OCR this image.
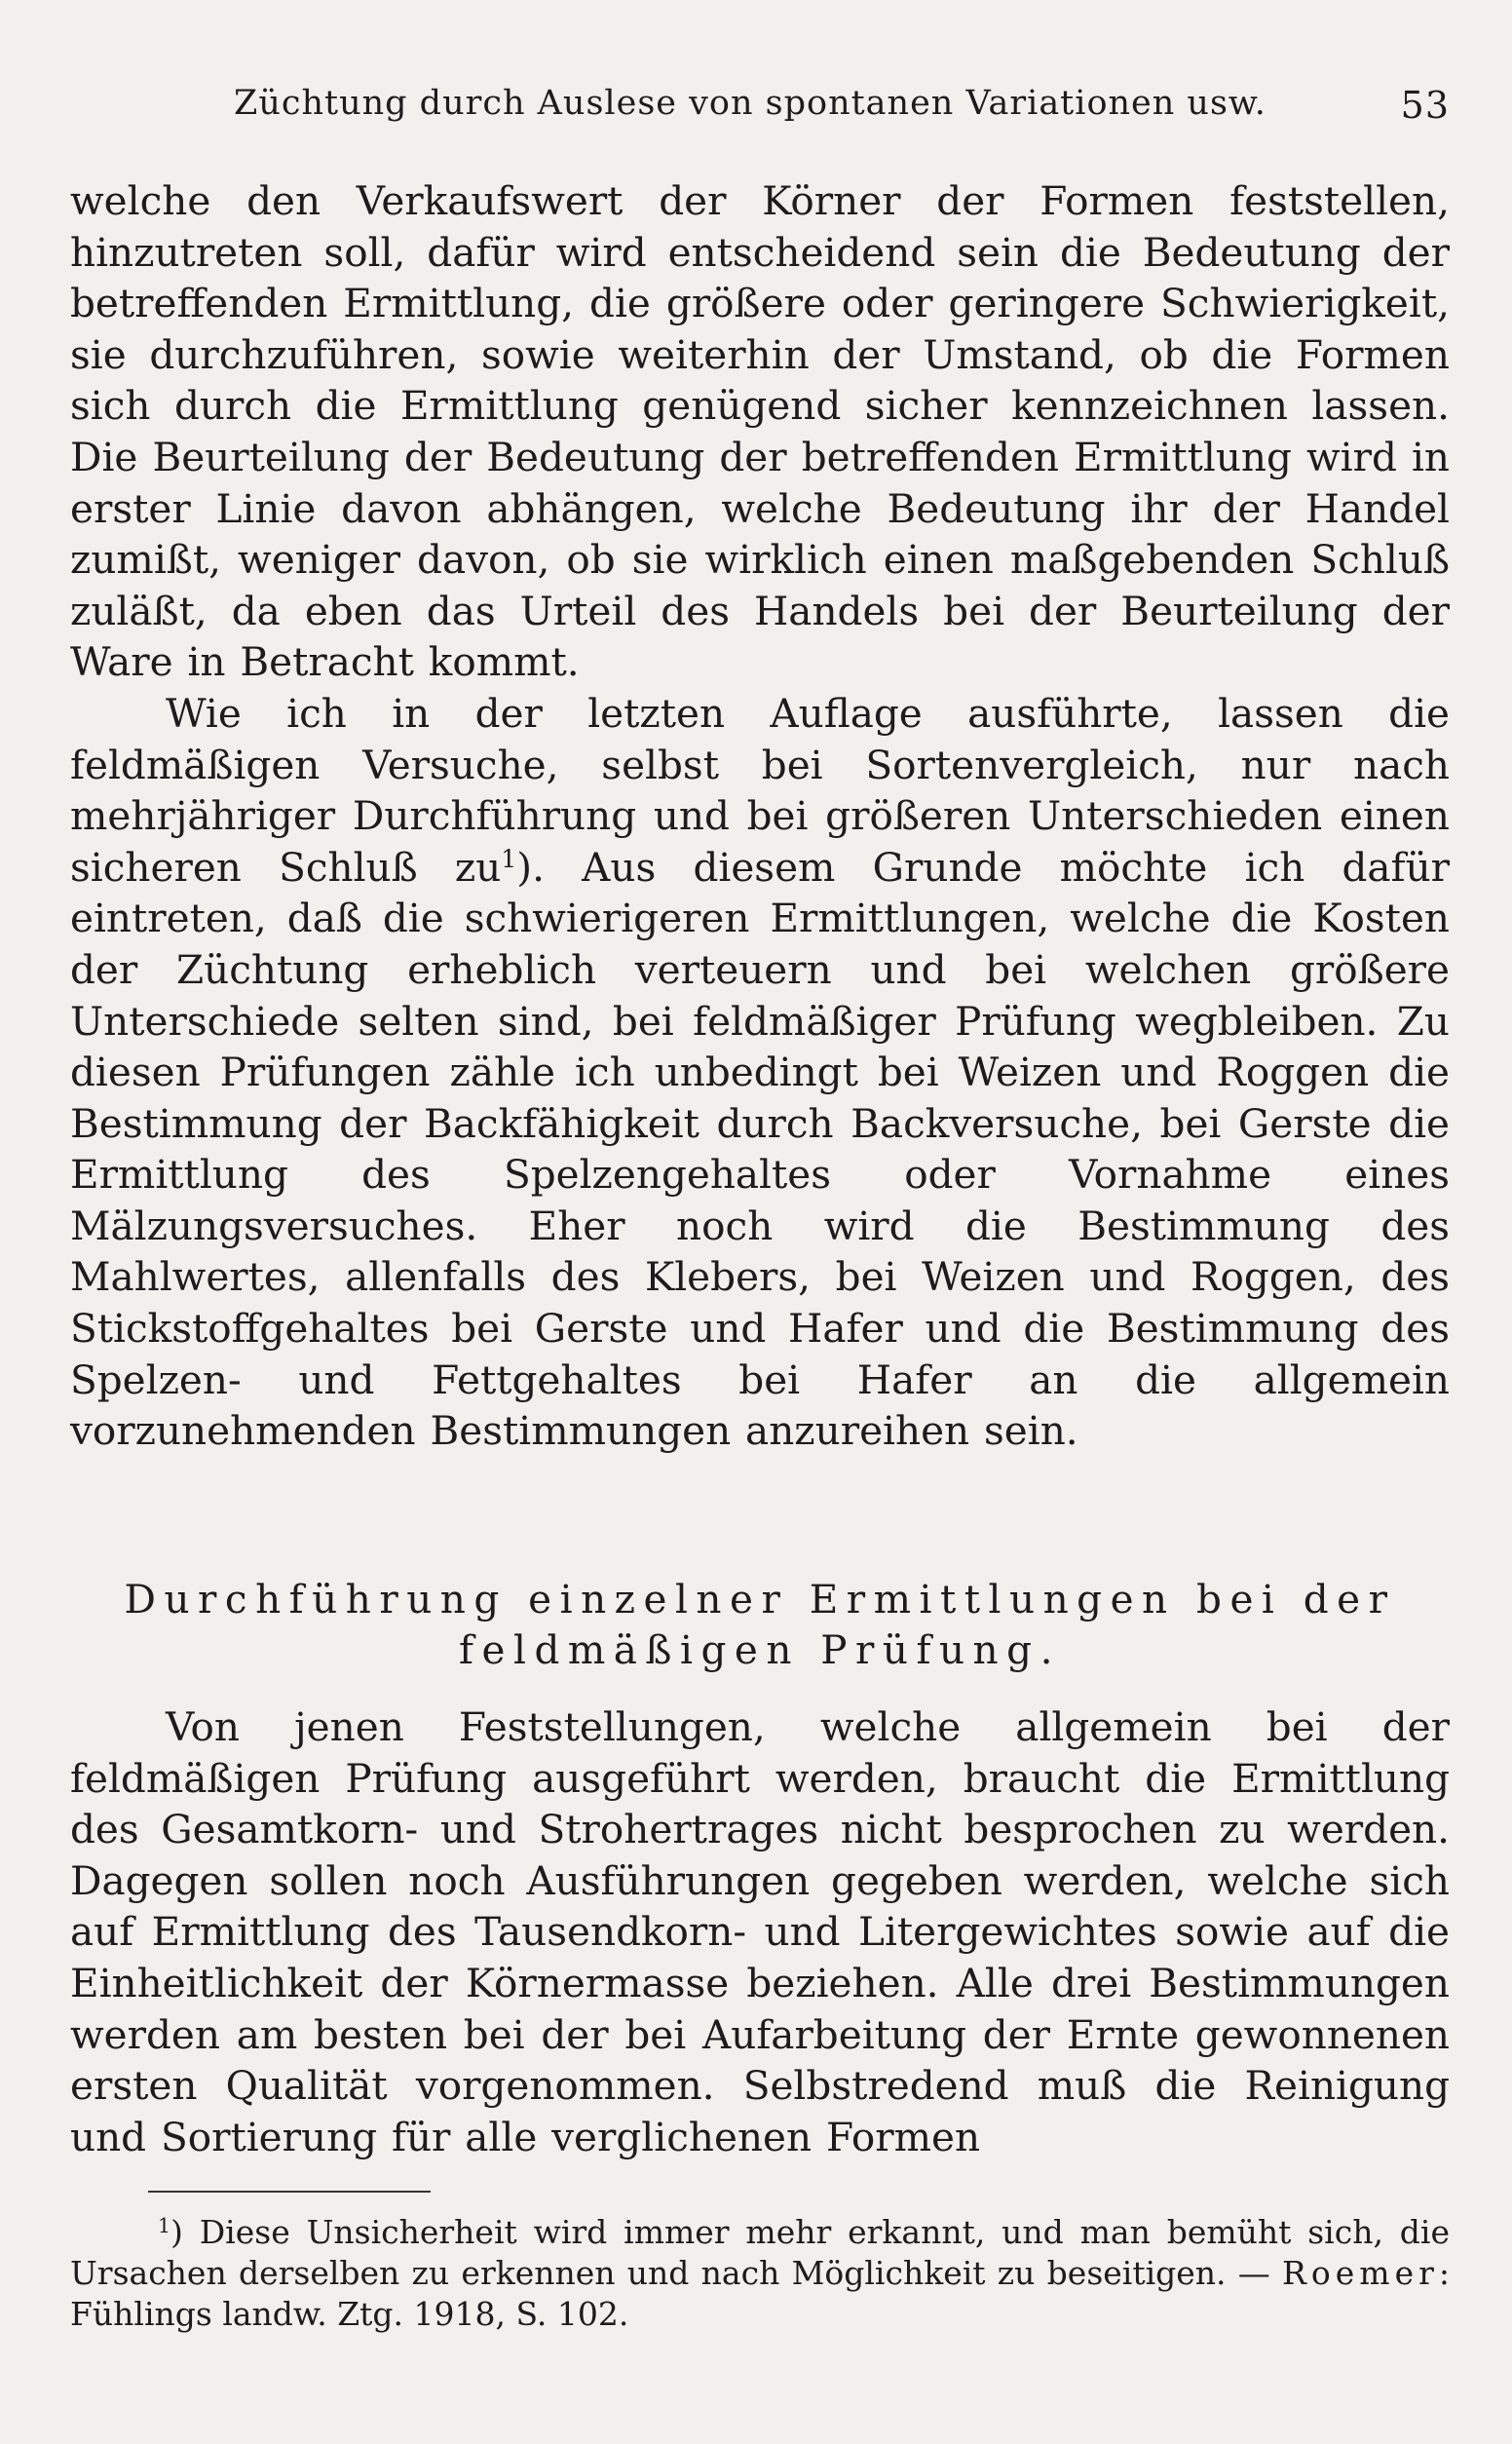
Züchtung durch Auslese von spontanen Variationen usw.	53

welche den Verkaufswert der Körner der Formen feststellen, hinzutreten soll, dafür wird entscheidend sein die Bedeutung der betreffenden Ermittlung, die größere oder geringere Schwierigkeit, sie durchzuführen, sowie weiterhin der Umstand, ob die Formen sich durch die Ermittlung genügend sicher kennzeichnen lassen. Die Beurteilung der Bedeutung der betreffenden Ermittlung wird in erster Linie davon abhängen, welche Bedeutung ihr der Handel zumißt, weniger davon, ob sie wirklich einen maßgebenden Schluß zuläßt, da eben das Urteil des Handels bei der Beurteilung der Ware in Betracht kommt.

Wie ich in der letzten Auflage ausführte, lassen die feldmäßigen Versuche, selbst bei Sortenvergleich, nur nach mehrjähriger Durchführung und bei größeren Unterschieden einen sicheren Schluß $zu^1$). Aus diesem Grunde möchte ich dafür eintreten, daß die schwierigeren Ermittlungen, welche die Kosten der Züchtung erheblich verteuern und bei welchen größere Unterschiede selten sind, bei feldmäßiger Prüfung wegbleiben. Zu diesen Prüfungen zähle ich unbedingt bei Weizen und Roggen die Bestimmung der Backfähigkeit durch Backversuche, bei Gerste die Ermittlung des Spelzengehaltes oder Vornahme eines Mälzungsversuches. Eher noch wird die Bestimmung des Mahlwertes, allenfalls des Klebers, bei Weizen und Roggen, des Stickstoffgehaltes bei Gerste und Hafer und die Bestimmung des Spelzen- und Fettgehaltes bei Hafer an die allgemein vorzunehmenden Bestimmungen anzureihen sein.

Durchführung einzelner Ermittlungen bei der
feldmäßigen Prüfung.

Von jenen Feststellungen, welche allgemein bei der feldmäßigen Prüfung ausgeführt werden, braucht die Ermittlung des Gesamtkorn- und Strohertrages nicht besprochen zu werden. Dagegen sollen noch Ausführungen gegeben werden, welche sich auf Ermittlung des Tausendkorn- und Litergewichtes sowie auf die Einheitlichkeit der Körnermasse beziehen. Alle drei Bestimmungen werden am besten bei der bei Aufarbeitung der Ernte gewonnenen ersten Qualität vorgenommen. Selbstredend muß die Reinigung und Sortierung für alle verglichenen Formen

$^1$) Diese Unsicherheit wird immer mehr erkannt, und man bemüht sich, die Ursachen derselben zu erkennen und nach Möglichkeit zu beseitigen. — Roemer: Fühlings landw. Ztg. 1918, S. 102.
